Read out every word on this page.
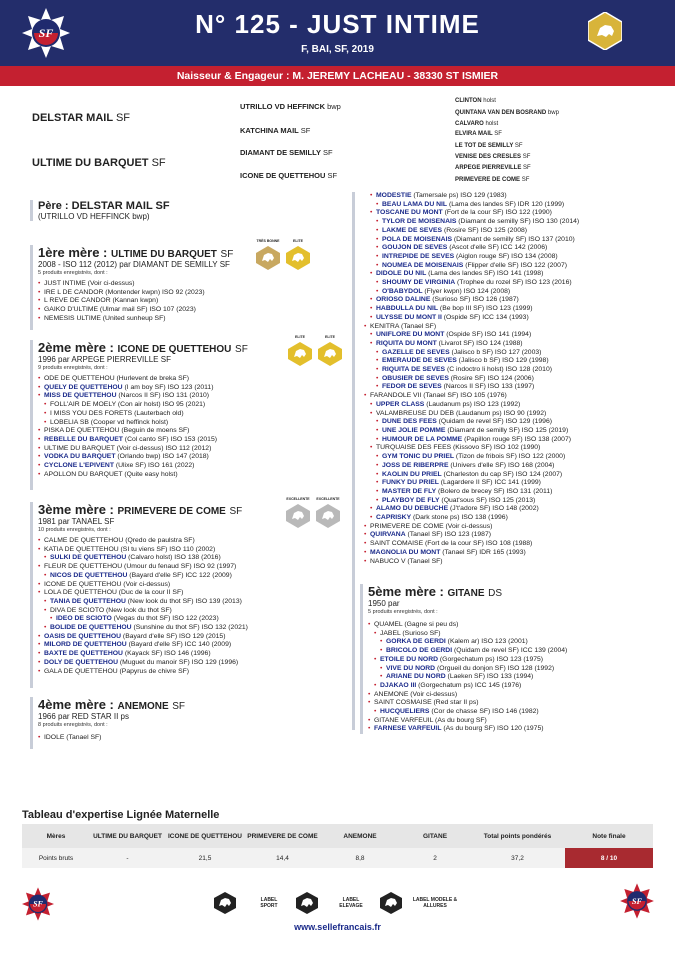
SF	N° 125 - JUST INTIME
F, BAI, SF, 2019
Naisseur & Engageur : M. JEREMY LACHEAU - 38330 ST ISMIER
DELSTAR MAIL SF
ULTIME DU BARQUET SF
UTRILLO VD HEFFINCK bwp
KATCHINA MAIL SF
DIAMANT DE SEMILLY SF
ICONE DE QUETTEHOU SF
CLINTON holst
QUINTANA VAN DEN BOSRAND bwp
CALVARO holst
ELVIRA MAIL SF
LE TOT DE SEMILLY SF
VENISE DES CRESLES SF
ARPEGE PIERREVILLE SF
PRIMEVERE DE COME SF
Père : DELSTAR MAIL SF
(UTRILLO VD HEFFINCK bwp)
1ère mère : ULTIME DU BARQUET SF
2008 - ISO 112 (2012) par DIAMANT DE SEMILLY SF
5 produits enregistrés, dont :
• JUST INTIME (Voir ci-dessus)
• IRE L DE CANDOR (Montender kwpn) ISO 92 (2023)
• L REVE DE CANDOR (Kannan kwpn)
• GAIKO D'ULTIME (Ulmar mail SF) ISO 107 (2023)
• NEMESIS ULTIME (United sunheup SF)
TRÈS BONNE	ELITE
2ème mère : ICONE DE QUETTEHOU SF
1996 par ARPEGE PIERREVILLE SF
9 produits enregistrés, dont :
• ODE DE QUETTEHOU (Hurlevent de breka SF)
• QUELY DE QUETTEHOU (I am boy SF) ISO 123 (2011)
• MISS DE QUETTEHOU (Narcos II SF) ISO 131 (2010)
• FOLL'AIR DE MOELY (Con air holst) ISO 95 (2021)
• I MISS YOU DES FORETS (Lauterbach old)
• LOBELIA SB (Cooper vd heffinck holst)
• PISKA DE QUETTEHOU (Beguin de moens SF)
• REBELLE DU BARQUET (Col canto SF) ISO 153 (2015)
• ULTIME DU BARQUET (Voir ci-dessus) ISO 112 (2012)
• VODKA DU BARQUET (Orlando bwp) ISO 147 (2018)
• CYCLONE L'EPIVENT (Ulixe SF) ISO 161 (2022)
• APOLLON DU BARQUET (Quite easy holst)
ELITE	ELITE
3ème mère : PRIMEVERE DE COME SF
1981 par TANAEL SF
10 produits enregistrés, dont :
• CALME DE QUETTEHOU (Qredo de paulstra SF)
• KATIA DE QUETTEHOU (SI tu viens SF) ISO 110 (2002)
• SULKI DE QUETTEHOU (Calvaro holst) ISO 138 (2016)
• FLEUR DE QUETTEHOU (Umour du fenaud SF) ISO 92 (1997)
• NICOS DE QUETTEHOU (Bayard d'elle SF) ICC 122 (2009)
• ICONE DE QUETTEHOU (Voir ci-dessus)
• LOLA DE QUETTEHOU (Duc de la cour II SF)
• TANIA DE QUETTEHOU (New look du thot SF) ISO 139 (2013)
• DIVA DE SCIOTO (New look du thot SF)
• IDEO DE SCIOTO (Vegas du thot SF) ISO 122 (2023)
• BOLIDE DE QUETTEHOU (Sunshine du thot SF) ISO 132 (2021)
• OASIS DE QUETTEHOU (Bayard d'elle SF) ISO 129 (2015)
• MILORD DE QUETTEHOU (Bayard d'elle SF) ICC 140 (2009)
• BAXTE DE QUETTEHOU (Kayack SF) ISO 146 (1996)
• DOLY DE QUETTEHOU (Muguet du manoir SF) ISO 129 (1996)
• GALA DE QUETTEHOU (Papyrus de chivre SF)
EXCELLENTE	EXCELLENTE
4ème mère : ANEMONE SF
1966 par RED STAR II ps
8 produits enregistrés, dont :
• IDOLE (Tanael SF)
• MODESTIE (Tamersale ps) ISO 129 (1983)
• BEAU LAMA DU NIL (Lama des landes SF) IDR 120 (1999)
• TOSCANE DU MONT (Fort de la cour SF) ISO 122 (1990)
• TYLOR DE MOISENAIS (Diamant de semilly SF) ISO 130 (2014)
• LAKME DE SEVES (Rosire SF) ISO 125 (2008)
• POLA DE MOISENAIS (Diamant de semilly SF) ISO 137 (2010)
• GOUJON DE SEVES (Ascot d'elle SF) ICC 142 (2006)
• INTREPIDE DE SEVES (Aiglon rouge SF) ISO 134 (2008)
• NOUMEA DE MOISENAIS (Flipper d'elle SF) ISO 122 (2007)
• DIDOLE DU NIL (Lama des landes SF) ISO 141 (1998)
• SHOUMY DE VIRGINIA (Trophee du rozel SF) ISO 123 (2016)
• O'BABYDOL (Flyer kwpn) ISO 124 (2008)
• ORIOSO DALINE (Surioso SF) ISO 126 (1987)
• HABDULLA DU NIL (Be bop III SF) ISO 123 (1999)
• ULYSSE DU MONT II (Ospide SF) ICC 134 (1993)
• KENITRA (Tanael SF)
• UNIFLORE DU MONT (Ospide SF) ISO 141 (1994)
• RIQUITA DU MONT (Livarot SF) ISO 124 (1988)
• GAZELLE DE SEVES (Jalisco b SF) ISO 127 (2003)
• EMERAUDE DE SEVES (Jalisco b SF) ISO 129 (1998)
• RIQUITA DE SEVES (C indoctro li holst) ISO 128 (2010)
• OBUSIER DE SEVES (Rosire SF) ISO 124 (2006)
• FEDOR DE SEVES (Narcos II SF) ISO 133 (1997)
• FARANDOLE VII (Tanael SF) ISO 105 (1976)
• UPPER CLASS (Laudanum ps) ISO 123 (1992)
• VALAMBREUSE DU DEB (Laudanum ps) ISO 90 (1992)
• DUNE DES FEES (Quidam de revel SF) ISO 129 (1996)
• UNE JOLIE POMME (Diamant de semilly SF) ISO 125 (2019)
• HUMOUR DE LA POMME (Papillon rouge SF) ISO 138 (2007)
• TURQUAISE DES FEES (Kissovo SF) ISO 102 (1990)
• GYM TONIC DU PRIEL (Tizon de fribois SF) ISO 122 (2000)
• JOSS DE RIBERPRE (Univers d'elle SF) ISO 168 (2004)
• KAOLIN DU PRIEL (Charleston du cap SF) ISO 124 (2007)
• FUNKY DU PRIEL (Lagardere II SF) ICC 141 (1999)
• MASTER DE FLY (Bolero de brecey SF) ISO 131 (2011)
• PLAYBOY DE FLY (Quat'sous SF) ISO 125 (2013)
• ALAMO DU DEBUCHE (J't'adore SF) ISO 148 (2002)
• CAPRISKY (Dark stone ps) ISO 138 (1996)
• PRIMEVERE DE COME (Voir ci-dessus)
• QUIRVANA (Tanael SF) ISO 123 (1987)
• SAINT COMAISE (Fort de la cour SF) ISO 108 (1988)
• MAGNOLIA DU MONT (Tanael SF) IDR 165 (1993)
• NABUCO V (Tanael SF)
5ème mère : GITANE DS
1950 par
5 produits enregistrés, dont :
• QUAMEL (Gagne si peu ds)
• JABEL (Surioso SF)
• GORKA DE GERDI (Kalem ar) ISO 123 (2001)
• BRICOLO DE GERDI (Quidam de revel SF) ICC 139 (2004)
• ETOILE DU NORD (Gorgechatum ps) ISO 123 (1975)
• VIVE DU NORD (Orgueil du donjon SF) ISO 128 (1992)
• ARIANE DU NORD (Laeken SF) ISO 133 (1994)
• DJAKAO III (Gorgechatum ps) ICC 145 (1976)
• ANEMONE (Voir ci-dessus)
• SAINT COSMAISE (Red star II ps)
• HUCQUELIERS (Cor de chasse SF) ISO 146 (1982)
• GITANE VARFEUIL (As du bourg SF)
• FARNESE VARFEUIL (As du bourg SF) ISO 120 (1975)
Tableau d'expertise Lignée Maternelle
Mères	ULTIME DU BARQUET	ICONE DE QUETTEHOU	PRIMEVERE DE COME	ANEMONE	GITANE	Total points pondérés	Note finale
Points bruts	-	21,5	14,4	8,8	2	37,2	8 / 10
SF	SF
LABEL
SPORT
LABEL
ELEVAGE
LABEL MODELE &
ALLURES
www.sellefrancais.fr
